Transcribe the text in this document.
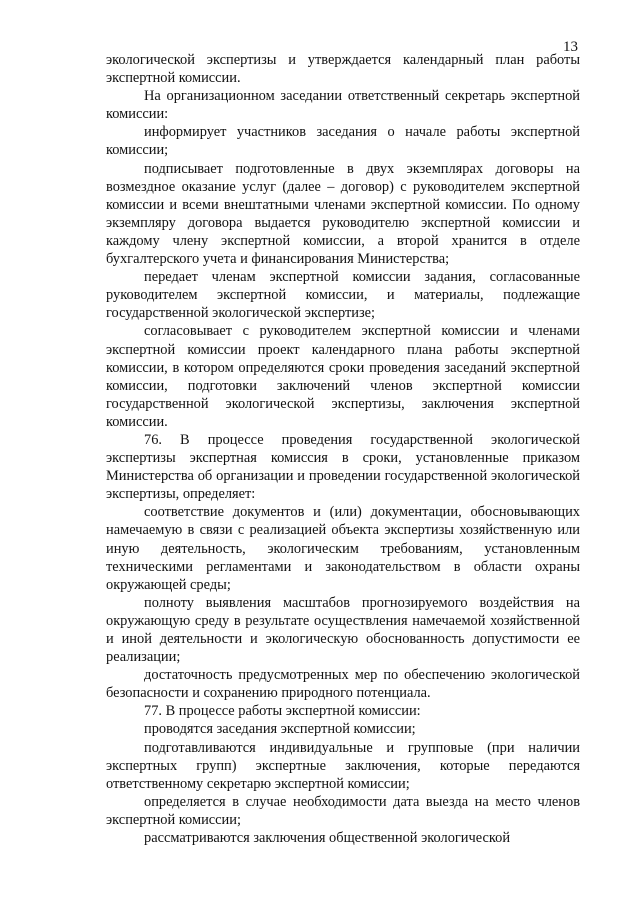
13

экологической экспертизы и утверждается календарный план работы экспертной комиссии.

На организационном заседании ответственный секретарь экспертной комиссии:

информирует участников заседания о начале работы экспертной комиссии;

подписывает подготовленные в двух экземплярах договоры на возмездное оказание услуг (далее – договор) с руководителем экспертной комиссии и всеми внештатными членами экспертной комиссии. По одному экземпляру договора выдается руководителю экспертной комиссии и каждому члену экспертной комиссии, а второй хранится в отделе бухгалтерского учета и финансирования Министерства;

передает членам экспертной комиссии задания, согласованные руководителем экспертной комиссии, и материалы, подлежащие государственной экологической экспертизе;

согласовывает с руководителем экспертной комиссии и членами экспертной комиссии проект календарного плана работы экспертной комиссии, в котором определяются сроки проведения заседаний экспертной комиссии, подготовки заключений членов экспертной комиссии государственной экологической экспертизы, заключения экспертной комиссии.

76. В процессе проведения государственной экологической экспертизы экспертная комиссия в сроки, установленные приказом Министерства об организации и проведении государственной экологической экспертизы, определяет:

соответствие документов и (или) документации, обосновывающих намечаемую в связи с реализацией объекта экспертизы хозяйственную или иную деятельность, экологическим требованиям, установленным техническими регламентами и законодательством в области охраны окружающей среды;

полноту выявления масштабов прогнозируемого воздействия на окружающую среду в результате осуществления намечаемой хозяйственной и иной деятельности и экологическую обоснованность допустимости ее реализации;

достаточность предусмотренных мер по обеспечению экологической безопасности и сохранению природного потенциала.

77. В процессе работы экспертной комиссии:

проводятся заседания экспертной комиссии;

подготавливаются индивидуальные и групповые (при наличии экспертных групп) экспертные заключения, которые передаются ответственному секретарю экспертной комиссии;

определяется в случае необходимости дата выезда на место членов экспертной комиссии;

рассматриваются заключения общественной экологической
